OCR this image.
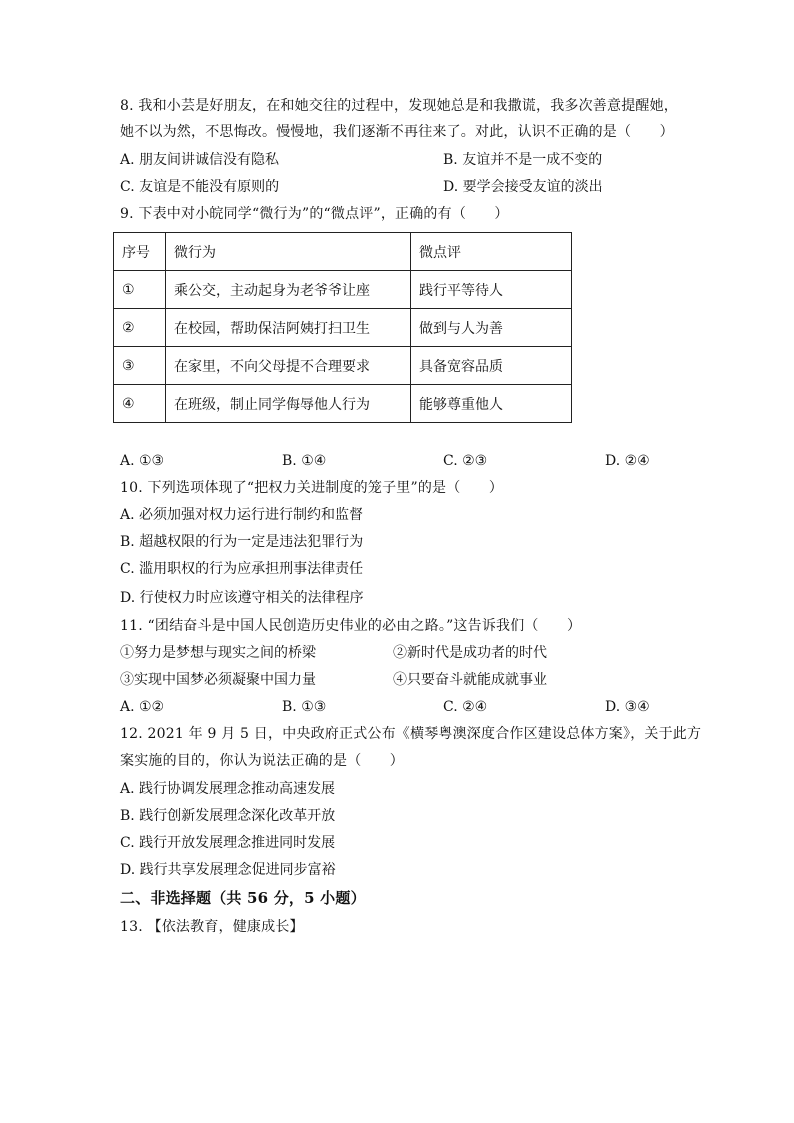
8. 我和小芸是好朋友，在和她交往的过程中，发现她总是和我撒谎，我多次善意提醒她，
她不以为然，不思悔改。慢慢地，我们逐渐不再往来了。对此，认识不正确的是（　　）
A. 朋友间讲诚信没有隐私	B. 友谊并不是一成不变的
C. 友谊是不能没有原则的	D. 要学会接受友谊的淡出
9. 下表中对小皖同学“微行为”的“微点评”，正确的有（　　）
序号	微行为	微点评
①	乘公交，主动起身为老爷爷让座	践行平等待人
②	在校园，帮助保洁阿姨打扫卫生	做到与人为善
③	在家里，不向父母提不合理要求	具备宽容品质
④	在班级，制止同学侮辱他人行为	能够尊重他人
A. ①③	B. ①④	C. ②③	D. ②④
10. 下列选项体现了“把权力关进制度的笼子里”的是（　　）
A. 必须加强对权力运行进行制约和监督
B. 超越权限的行为一定是违法犯罪行为
C. 滥用职权的行为应承担刑事法律责任
D. 行使权力时应该遵守相关的法律程序
11. “团结奋斗是中国人民创造历史伟业的必由之路。”这告诉我们（　　）
①努力是梦想与现实之间的桥梁	②新时代是成功者的时代
③实现中国梦必须凝聚中国力量	④只要奋斗就能成就事业
A. ①②	B. ①③	C. ②④	D. ③④
12. 2021 年 9 月 5 日，中央政府正式公布《横琴粤澳深度合作区建设总体方案》，关于此方
案实施的目的，你认为说法正确的是（　　）
A. 践行协调发展理念推动高速发展
B. 践行创新发展理念深化改革开放
C. 践行开放发展理念推进同时发展
D. 践行共享发展理念促进同步富裕
二、非选择题（共 56 分，5 小题）
13. 【依法教育，健康成长】
